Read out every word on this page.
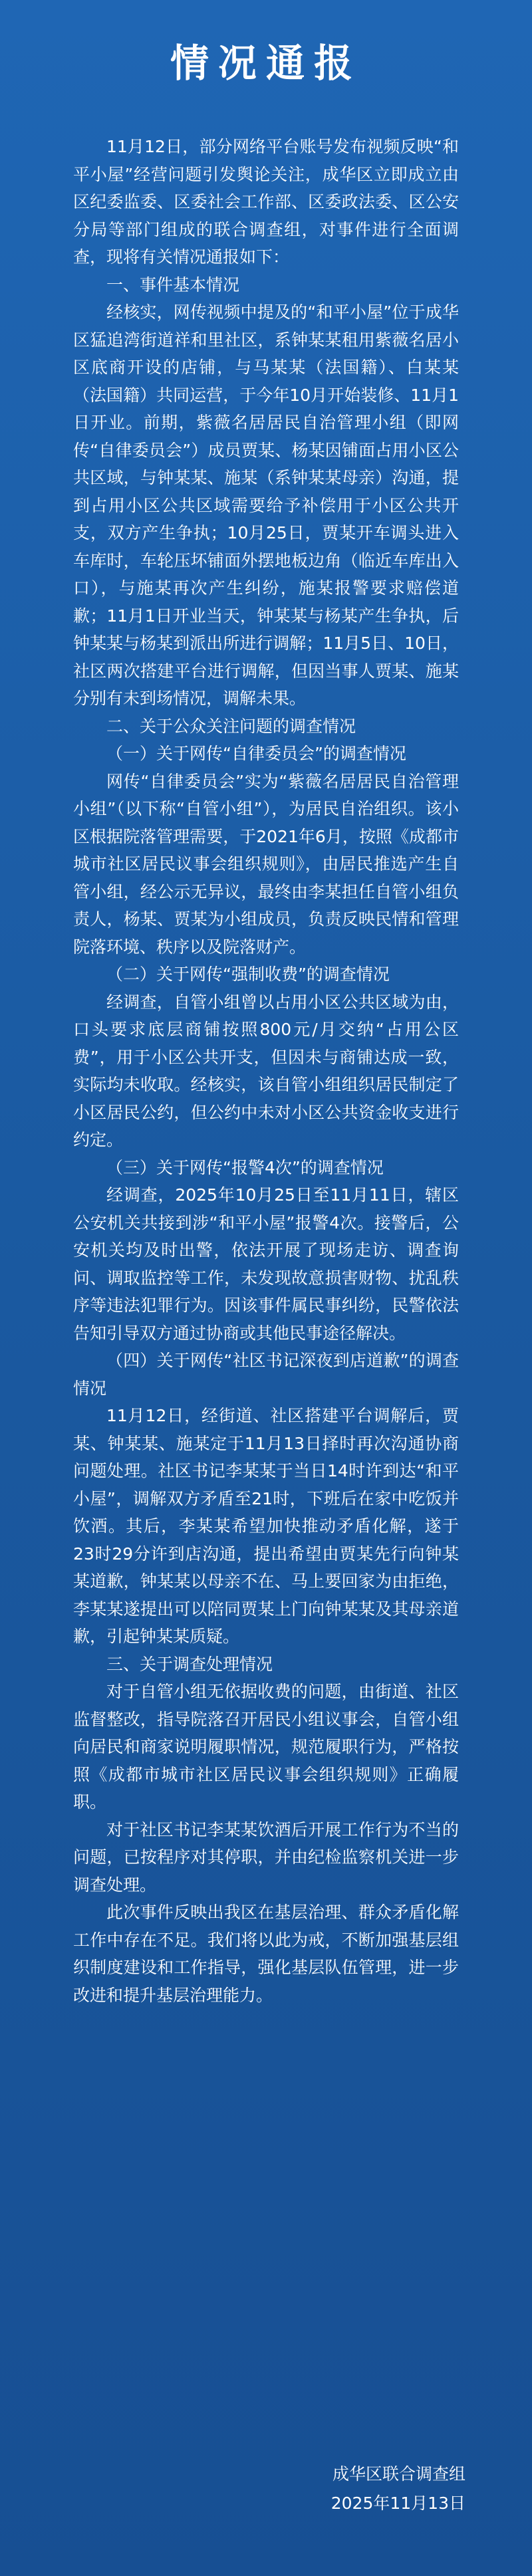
情况通报

11月12日，部分网络平台账号发布视频反映“和平小屋”经营问题引发舆论关注，成华区立即成立由区纪委监委、区委社会工作部、区委政法委、区公安分局等部门组成的联合调查组，对事件进行全面调查，现将有关情况通报如下：

一、事件基本情况

经核实，网传视频中提及的“和平小屋”位于成华区猛追湾街道祥和里社区，系钟某某租用紫薇名居小区底商开设的店铺，与马某某（法国籍）、白某某（法国籍）共同运营，于今年10月开始装修、11月1日开业。前期，紫薇名居居民自治管理小组（即网传“自律委员会”）成员贾某、杨某因铺面占用小区公共区域，与钟某某、施某（系钟某某母亲）沟通，提到占用小区公共区域需要给予补偿用于小区公共开支，双方产生争执；10月25日，贾某开车调头进入车库时，车轮压坏铺面外摆地板边角（临近车库出入口），与施某再次产生纠纷，施某报警要求赔偿道歉；11月1日开业当天，钟某某与杨某产生争执，后钟某某与杨某到派出所进行调解；11月5日、10日，社区两次搭建平台进行调解，但因当事人贾某、施某分别有未到场情况，调解未果。

二、关于公众关注问题的调查情况

（一）关于网传“自律委员会”的调查情况

网传“自律委员会”实为“紫薇名居居民自治管理小组”（以下称“自管小组”），为居民自治组织。该小区根据院落管理需要，于2021年6月，按照《成都市城市社区居民议事会组织规则》，由居民推选产生自管小组，经公示无异议，最终由李某担任自管小组负责人，杨某、贾某为小组成员，负责反映民情和管理院落环境、秩序以及院落财产。

（二）关于网传“强制收费”的调查情况

经调查，自管小组曾以占用小区公共区域为由，口头要求底层商铺按照800元/月交纳“占用公区费”，用于小区公共开支，但因未与商铺达成一致，实际均未收取。经核实，该自管小组组织居民制定了小区居民公约，但公约中未对小区公共资金收支进行约定。

（三）关于网传“报警4次”的调查情况

经调查，2025年10月25日至11月11日，辖区公安机关共接到涉“和平小屋”报警4次。接警后，公安机关均及时出警，依法开展了现场走访、调查询问、调取监控等工作，未发现故意损害财物、扰乱秩序等违法犯罪行为。因该事件属民事纠纷，民警依法告知引导双方通过协商或其他民事途径解决。

（四）关于网传“社区书记深夜到店道歉”的调查情况

11月12日，经街道、社区搭建平台调解后，贾某、钟某某、施某定于11月13日择时再次沟通协商问题处理。社区书记李某某于当日14时许到达“和平小屋”，调解双方矛盾至21时，下班后在家中吃饭并饮酒。其后，李某某希望加快推动矛盾化解，遂于23时29分许到店沟通，提出希望由贾某先行向钟某某道歉，钟某某以母亲不在、马上要回家为由拒绝，李某某遂提出可以陪同贾某上门向钟某某及其母亲道歉，引起钟某某质疑。

三、关于调查处理情况

对于自管小组无依据收费的问题，由街道、社区监督整改，指导院落召开居民小组议事会，自管小组向居民和商家说明履职情况，规范履职行为，严格按照《成都市城市社区居民议事会组织规则》正确履职。

对于社区书记李某某饮酒后开展工作行为不当的问题，已按程序对其停职，并由纪检监察机关进一步调查处理。

此次事件反映出我区在基层治理、群众矛盾化解工作中存在不足。我们将以此为戒，不断加强基层组织制度建设和工作指导，强化基层队伍管理，进一步改进和提升基层治理能力。

成华区联合调查组
2025年11月13日
